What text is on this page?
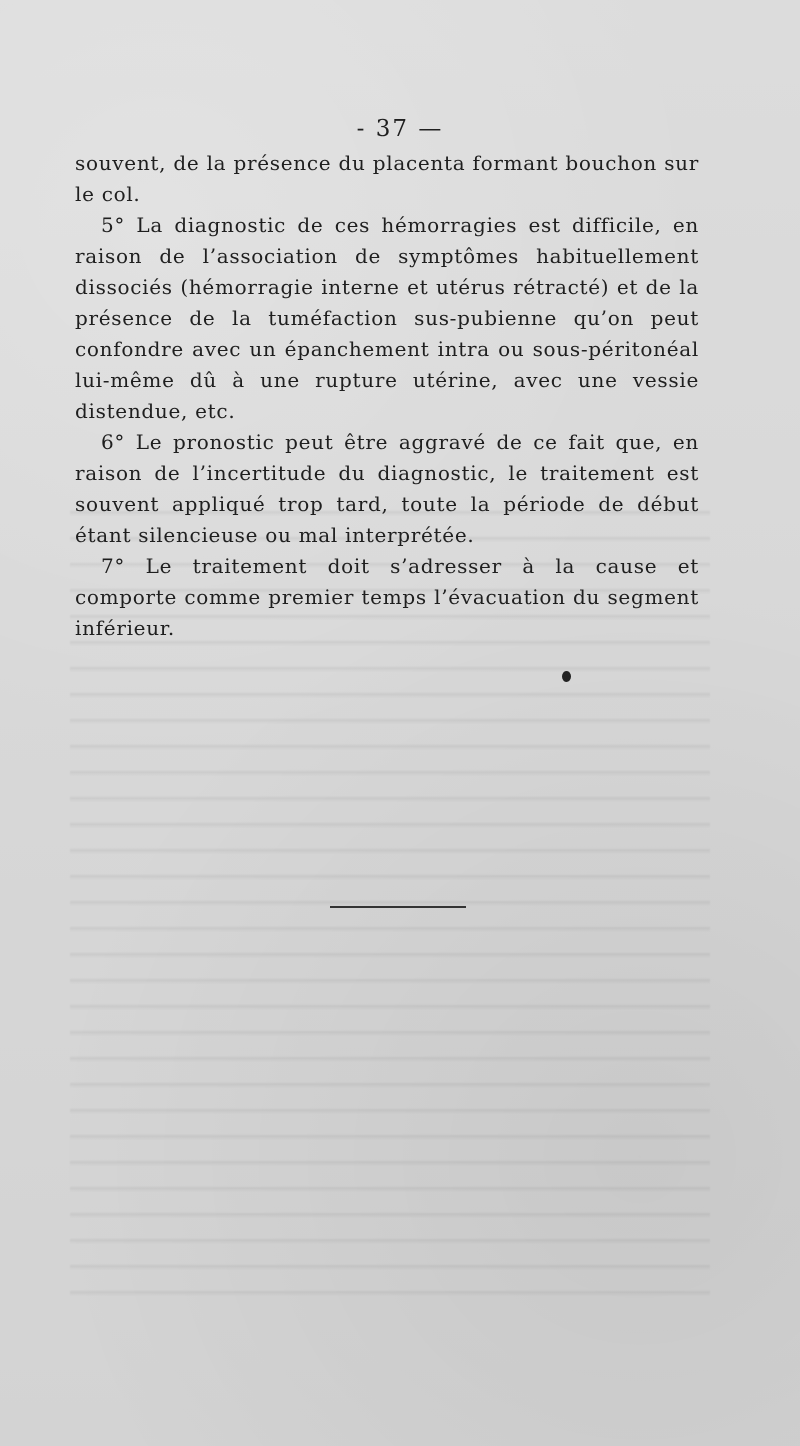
- 37 —

souvent, de la présence du placenta formant bouchon sur le col.

5° La diagnostic de ces hémorragies est difficile, en raison de l’association de symptômes habituellement dissociés (hémorragie interne et utérus rétracté) et de la présence de la tuméfaction sus-pubienne qu’on peut confondre avec un épanchement intra ou sous-péritonéal lui-même dû à une rupture utérine, avec une vessie distendue, etc.

6° Le pronostic peut être aggravé de ce fait que, en raison de l’incertitude du diagnostic, le traitement est souvent appliqué trop tard, toute la période de début étant silencieuse ou mal interprétée.

7° Le traitement doit s’adresser à la cause et comporte comme premier temps l’évacuation du segment inférieur.
